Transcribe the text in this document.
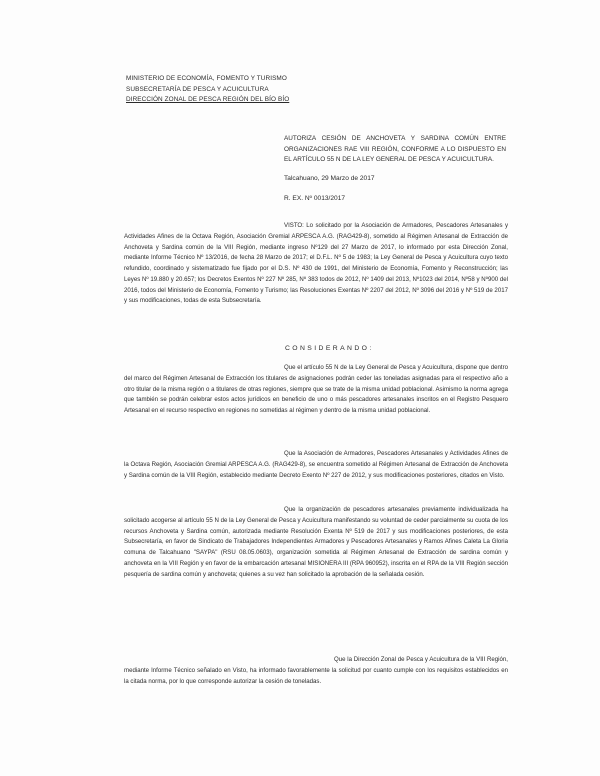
MINISTERIO DE ECONOMÍA, FOMENTO Y TURISMO
SUBSECRETARÍA DE PESCA Y ACUICULTURA
DIRECCIÓN ZONAL DE PESCA REGIÓN DEL BÍO BÍO
AUTORIZA CESIÓN DE ANCHOVETA Y SARDINA COMÚN ENTRE ORGANIZACIONES RAE VIII REGIÓN, CONFORME A LO DISPUESTO EN EL ARTÍCULO 55 N DE LA LEY GENERAL DE PESCA Y ACUICULTURA.
Talcahuano, 29 Marzo de 2017
R. EX. Nº 0013/2017
VISTO: Lo solicitado por la Asociación de Armadores, Pescadores Artesanales y Actividades Afines de la Octava Región, Asociación Gremial ARPESCA A.G. (RAG429-8), sometido al Régimen Artesanal de Extracción de Anchoveta y Sardina común de la VIII Región, mediante ingreso Nº129 del 27 Marzo de 2017, lo informado por esta Dirección Zonal, mediante Informe Técnico Nº 13/2016, de fecha 28 Marzo de 2017; el D.F.L. Nº 5 de 1983; la Ley General de Pesca y Acuicultura cuyo texto refundido, coordinado y sistematizado fue fijado por el D.S. Nº 430 de 1991, del Ministerio de Economía, Fomento y Reconstrucción; las Leyes Nº 19.880 y 20.657; los Decretos Exentos Nº 227 Nº 285, Nº 383 todos de 2012, Nº 1409 del 2013, Nº1023 del 2014, Nº58 y Nº900 del 2016, todos del Ministerio de Economía, Fomento y Turismo; las Resoluciones Exentas Nº 2207 del 2012, Nº 3096 del 2016 y Nº 519 de 2017 y sus modificaciones, todas de esta Subsecretaría.
CONSIDERANDO:
Que el artículo 55 N de la Ley General de Pesca y Acuicultura, dispone que dentro del marco del Régimen Artesanal de Extracción los titulares de asignaciones podrán ceder las toneladas asignadas para el respectivo año a otro titular de la misma región o a titulares de otras regiones, siempre que se trate de la misma unidad poblacional. Asimismo la norma agrega que también se podrán celebrar estos actos jurídicos en beneficio de uno o más pescadores artesanales inscritos en el Registro Pesquero Artesanal en el recurso respectivo en regiones no sometidas al régimen y dentro de la misma unidad poblacional.
Que la Asociación de Armadores, Pescadores Artesanales y Actividades Afines de la Octava Región, Asociación Gremial ARPESCA A.G. (RAG429-8), se encuentra sometido al Régimen Artesanal de Extracción de Anchoveta y Sardina común de la VIII Región, establecido mediante Decreto Exento Nº 227 de 2012, y sus modificaciones posteriores, citados en Visto.
Que la organización de pescadores artesanales previamente individualizada ha solicitado acogerse al artículo 55 N de la Ley General de Pesca y Acuicultura manifestando su voluntad de ceder parcialmente su cuota de los recursos Anchoveta y Sardina común, autorizada mediante Resolución Exenta Nº 519 de 2017 y sus modificaciones posteriores, de esta Subsecretaría, en favor de Sindicato de Trabajadores Independientes Armadores y Pescadores Artesanales y Ramos Afines Caleta La Gloria comuna de Talcahuano "SAYPA" (RSU 08.05.0603), organización sometida al Régimen Artesanal de Extracción de sardina común y anchoveta en la VIII Región y en favor de la embarcación artesanal MISIONERA III (RPA 960952), inscrita en el RPA de la VIII Región sección pesquería de sardina común y anchoveta; quienes a su vez han solicitado la aprobación de la señalada cesión.
Que la Dirección Zonal de Pesca y Acuicultura de la VIII Región, mediante Informe Técnico señalado en Visto, ha informado favorablemente la solicitud por cuanto cumple con los requisitos establecidos en la citada norma, por lo que corresponde autorizar la cesión de toneladas.
